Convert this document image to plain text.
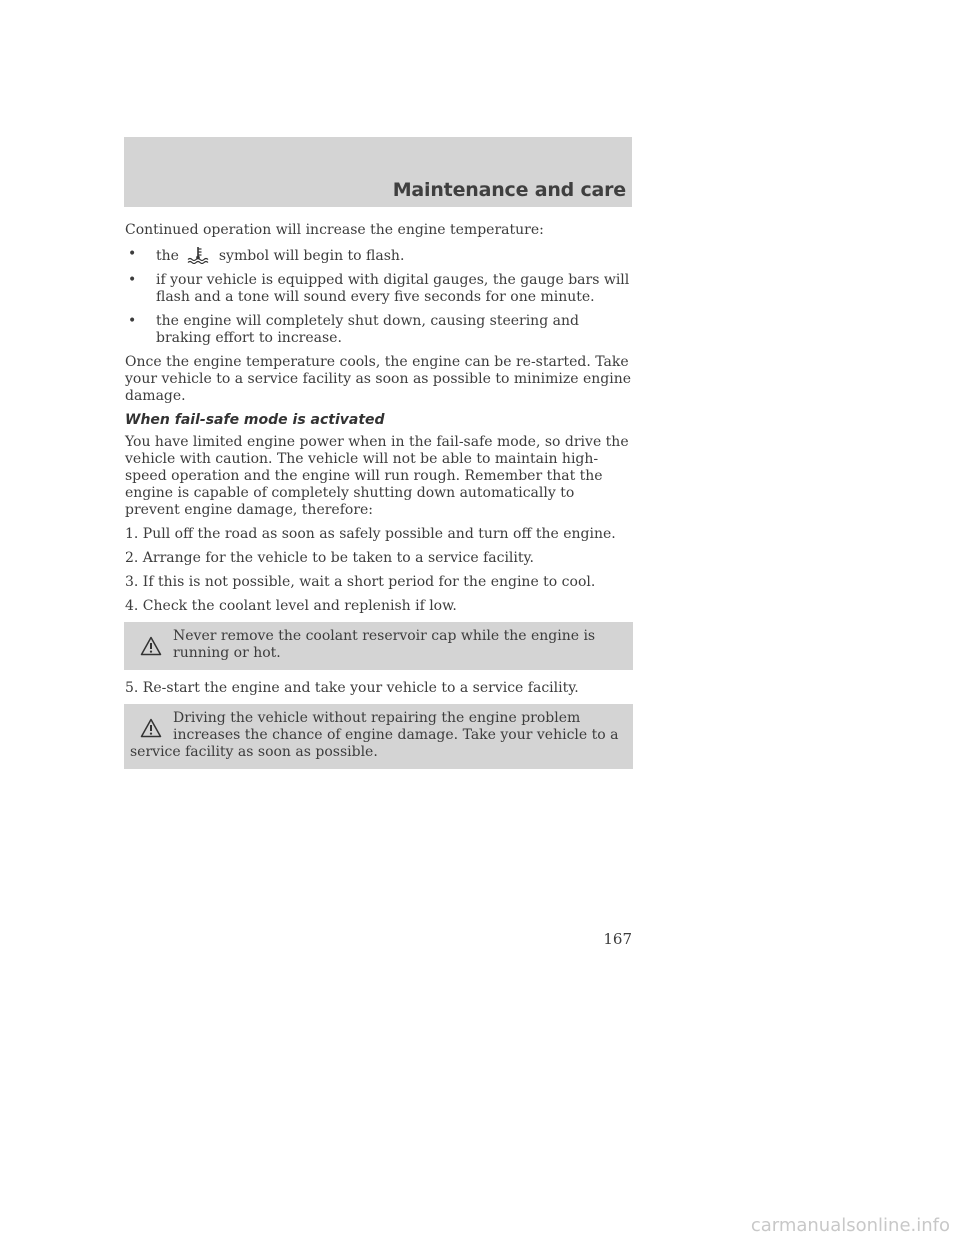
Maintenance and care

Continued operation will increase the engine temperature:

• the	symbol will begin to flash.
• if your vehicle is equipped with digital gauges, the gauge bars will flash and a tone will sound every five seconds for one minute.
• the engine will completely shut down, causing steering and braking effort to increase.

Once the engine temperature cools, the engine can be re-started. Take your vehicle to a service facility as soon as possible to minimize engine damage.

When fail-safe mode is activated

You have limited engine power when in the fail-safe mode, so drive the vehicle with caution. The vehicle will not be able to maintain high-speed operation and the engine will run rough. Remember that the engine is capable of completely shutting down automatically to prevent engine damage, therefore:

1. Pull off the road as soon as safely possible and turn off the engine.

2. Arrange for the vehicle to be taken to a service facility.

3. If this is not possible, wait a short period for the engine to cool.

4. Check the coolant level and replenish if low.

Never remove the coolant reservoir cap while the engine is
running or hot.

5. Re-start the engine and take your vehicle to a service facility.

Driving the vehicle without repairing the engine problem
increases the chance of engine damage. Take your vehicle to a
service facility as soon as possible.

167

carmanualsonline.info
